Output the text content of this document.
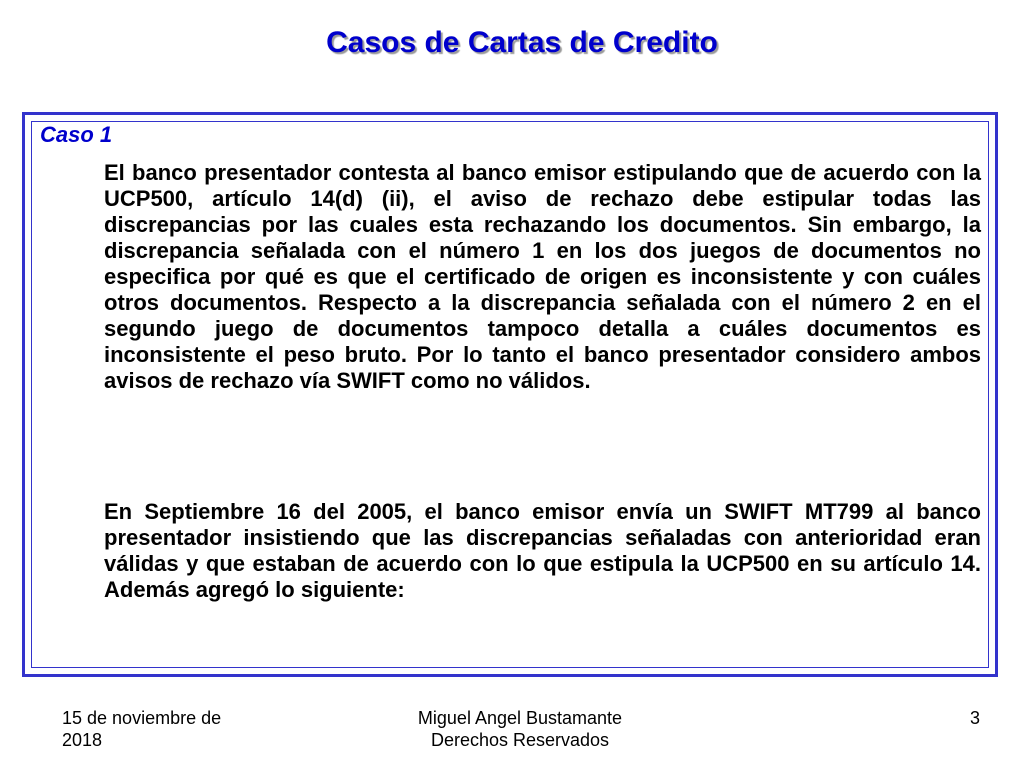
Casos de Cartas de Credito

Caso 1

El banco presentador contesta al banco emisor estipulando que de acuerdo con la UCP500, artículo 14(d) (ii), el aviso de rechazo debe estipular todas las discrepancias por las cuales esta rechazando los documentos. Sin embargo, la discrepancia señalada con el número 1 en los dos juegos de documentos no especifica por qué es que el certificado de origen es inconsistente y con cuáles otros documentos. Respecto a la discrepancia señalada con el número 2 en el segundo juego de documentos tampoco detalla a cuáles documentos es inconsistente el peso bruto. Por lo tanto el banco presentador considero ambos avisos de rechazo vía SWIFT como no válidos.

En Septiembre 16 del 2005, el banco emisor envía un SWIFT MT799 al banco presentador insistiendo que las discrepancias señaladas con anterioridad eran válidas y que estaban de acuerdo con lo que estipula la UCP500 en su artículo 14. Además agregó lo siguiente:

15 de noviembre de
2018
Miguel Angel Bustamante
Derechos Reservados
3
